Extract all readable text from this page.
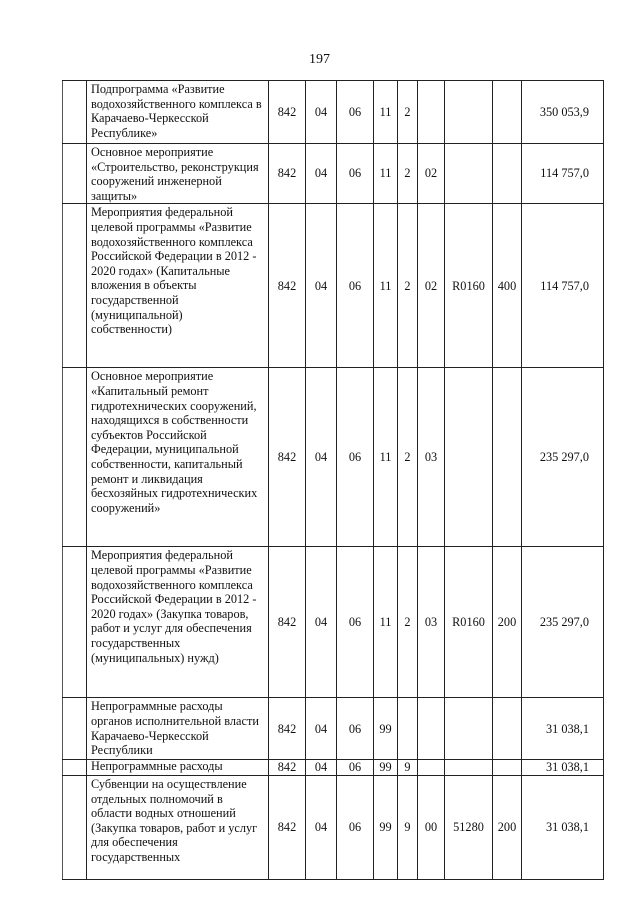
197
	Подпрограмма «Развитие водохозяйственного комплекса в Карачаево-Черкесской Республике»	842	04	06	11	2				350 053,9
	Основное мероприятие «Строительство, реконструкция сооружений инженерной защиты»	842	04	06	11	2	02			114 757,0
	Мероприятия федеральной целевой программы «Развитие водохозяйственного комплекса Российской Федерации в 2012 - 2020 годах» (Капитальные вложения в объекты государственной (муниципальной) собственности)	842	04	06	11	2	02	R0160	400	114 757,0
	Основное мероприятие «Капитальный ремонт гидротехнических сооружений, находящихся в собственности субъектов Российской Федерации, муниципальной собственности, капитальный ремонт и ликвидация бесхозяйных гидротехнических сооружений»	842	04	06	11	2	03			235 297,0
	Мероприятия федеральной целевой программы «Развитие водохозяйственного комплекса Российской Федерации в 2012 - 2020 годах» (Закупка товаров, работ и услуг для обеспечения государственных (муниципальных) нужд)	842	04	06	11	2	03	R0160	200	235 297,0
	Непрограммные расходы органов исполнительной власти Карачаево-Черкесской Республики	842	04	06	99					31 038,1
	Непрограммные расходы	842	04	06	99	9				31 038,1

	Субвенции на осуществление отдельных полномочий в области водных отношений (Закупка товаров, работ и услуг для обеспечения государственных	842	04	06	99	9	00	51280	200	31 038,1
